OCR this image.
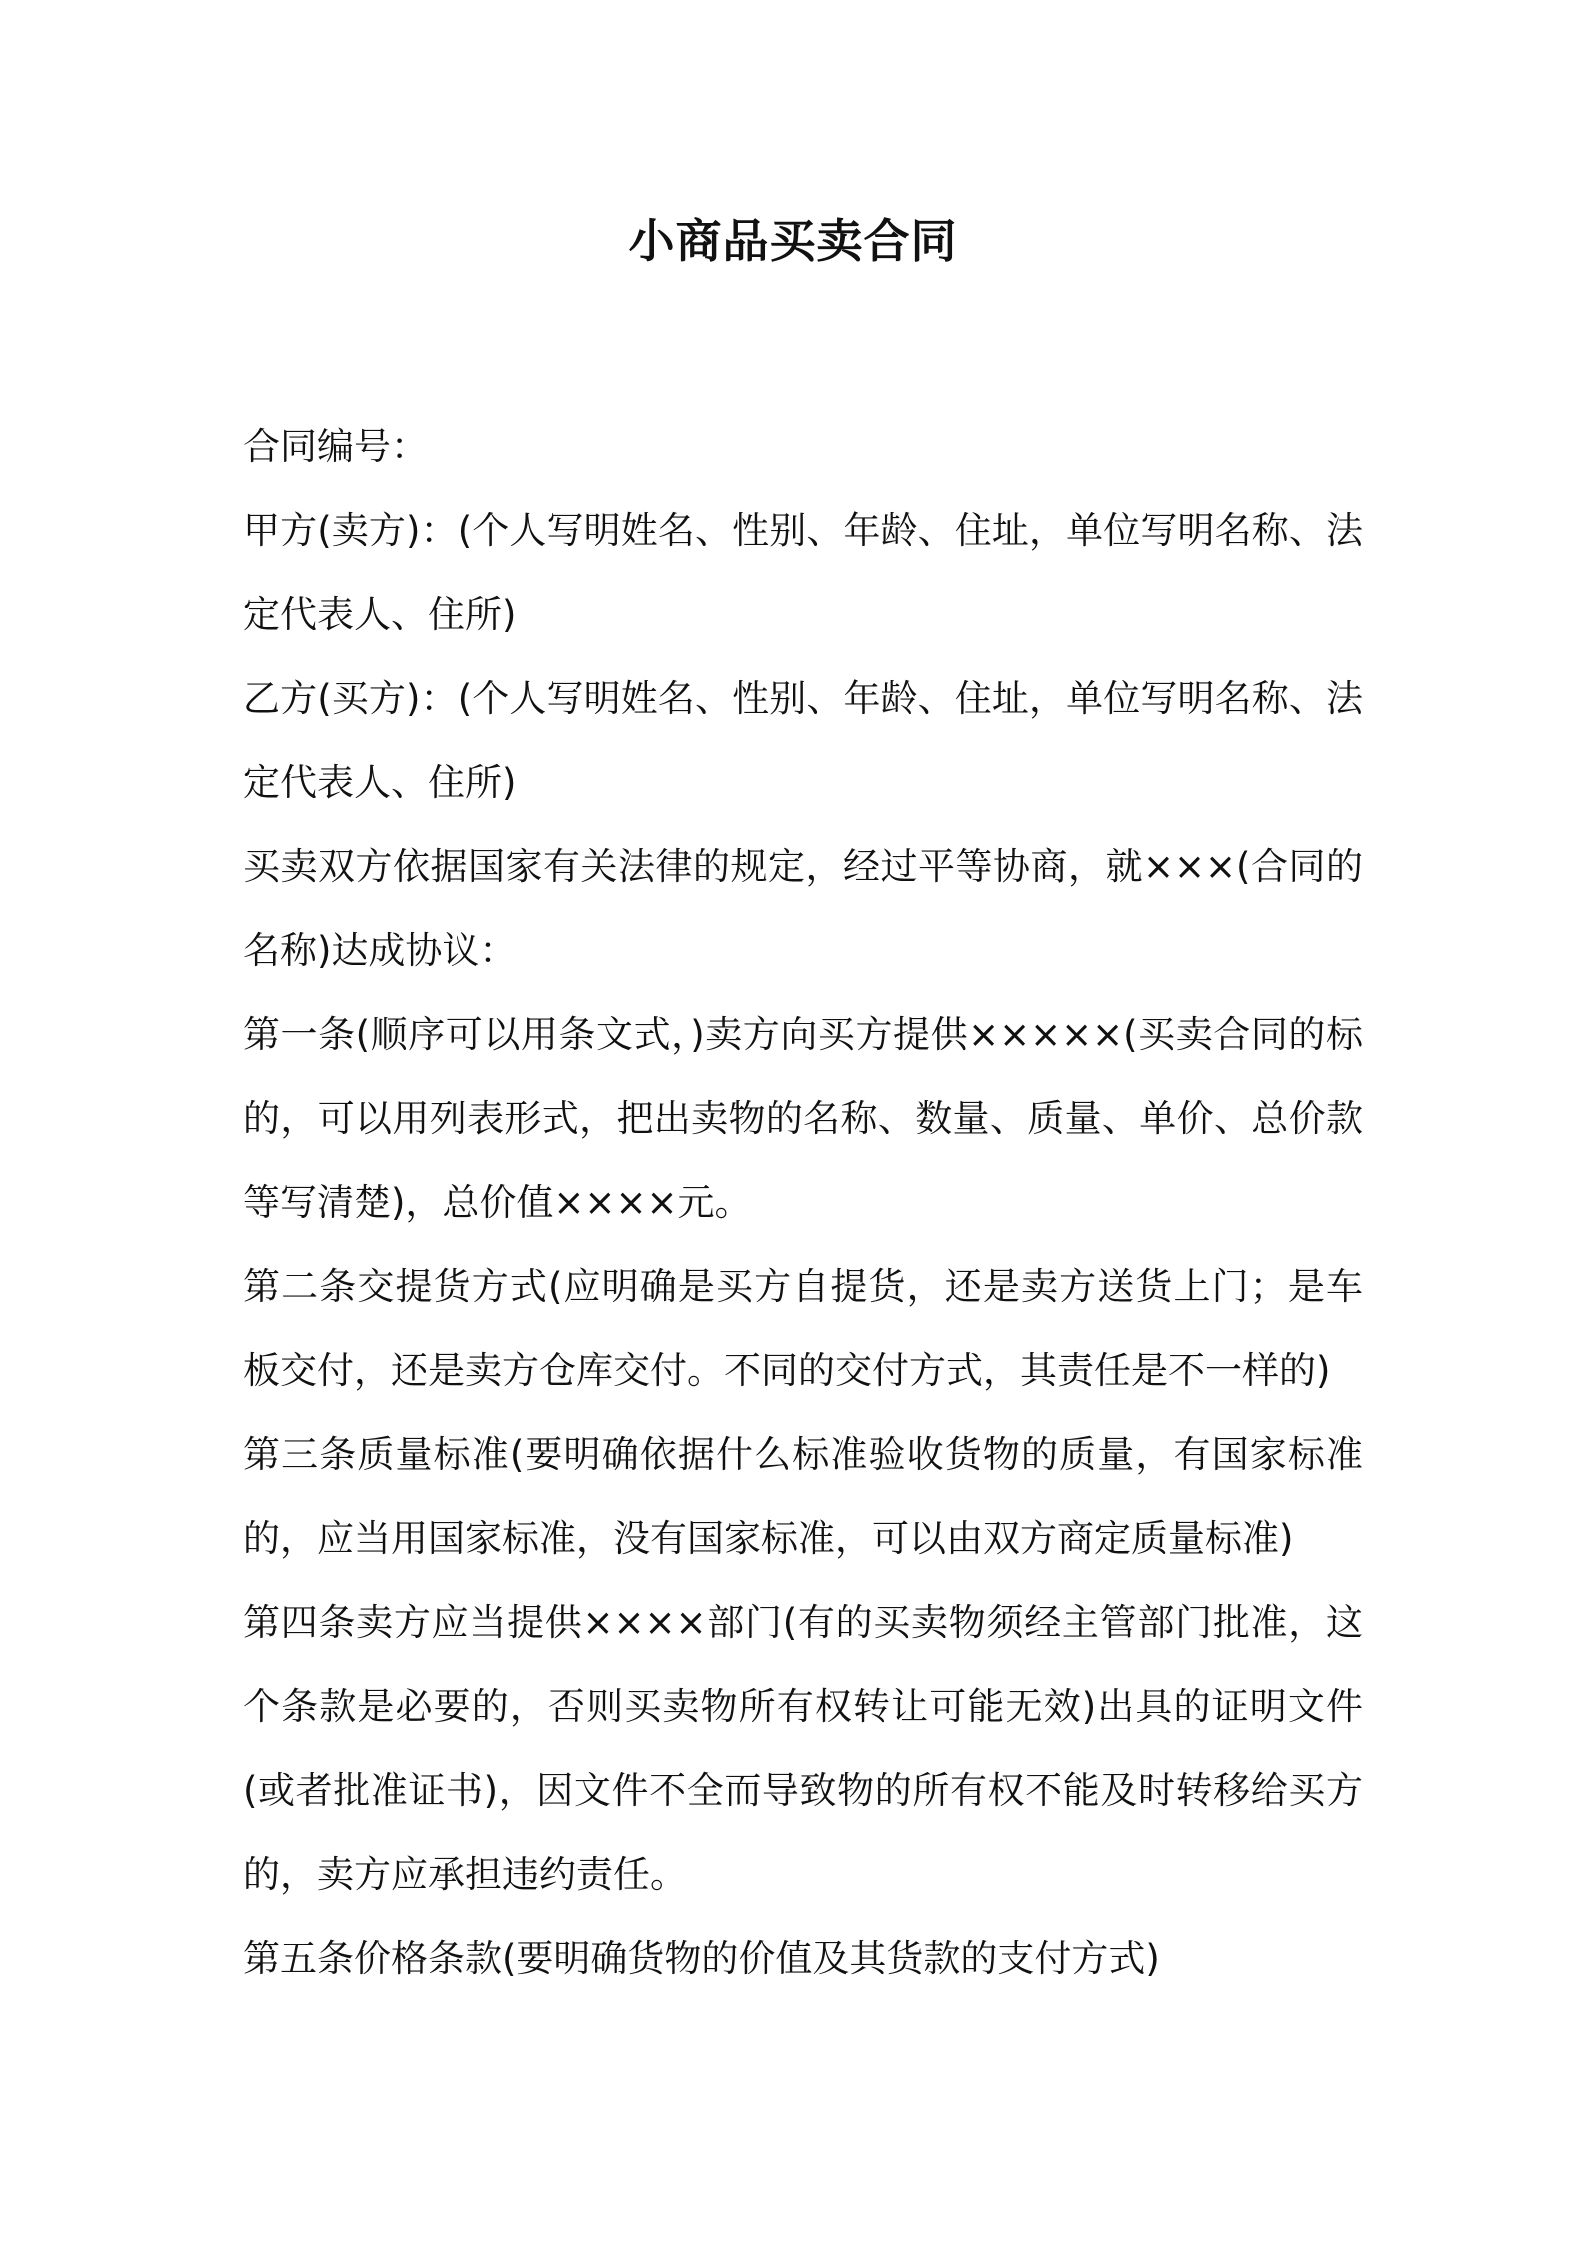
小商品买卖合同

合同编号：

甲方(卖方)：(个人写明姓名、性别、年龄、住址，单位写明名称、法定代表人、住所)

乙方(买方)：(个人写明姓名、性别、年龄、住址，单位写明名称、法定代表人、住所)

买卖双方依据国家有关法律的规定，经过平等协商，就×××(合同的名称)达成协议：

第一条(顺序可以用条文式，)卖方向买方提供×××××(买卖合同的标的，可以用列表形式，把出卖物的名称、数量、质量、单价、总价款等写清楚)，总价值××××元。

第二条交提货方式(应明确是买方自提货，还是卖方送货上门；是车板交付，还是卖方仓库交付。不同的交付方式，其责任是不一样的)

第三条质量标准(要明确依据什么标准验收货物的质量，有国家标准的，应当用国家标准，没有国家标准，可以由双方商定质量标准)

第四条卖方应当提供××××部门(有的买卖物须经主管部门批准，这个条款是必要的，否则买卖物所有权转让可能无效)出具的证明文件(或者批准证书)，因文件不全而导致物的所有权不能及时转移给买方的，卖方应承担违约责任。

第五条价格条款(要明确货物的价值及其货款的支付方式)
